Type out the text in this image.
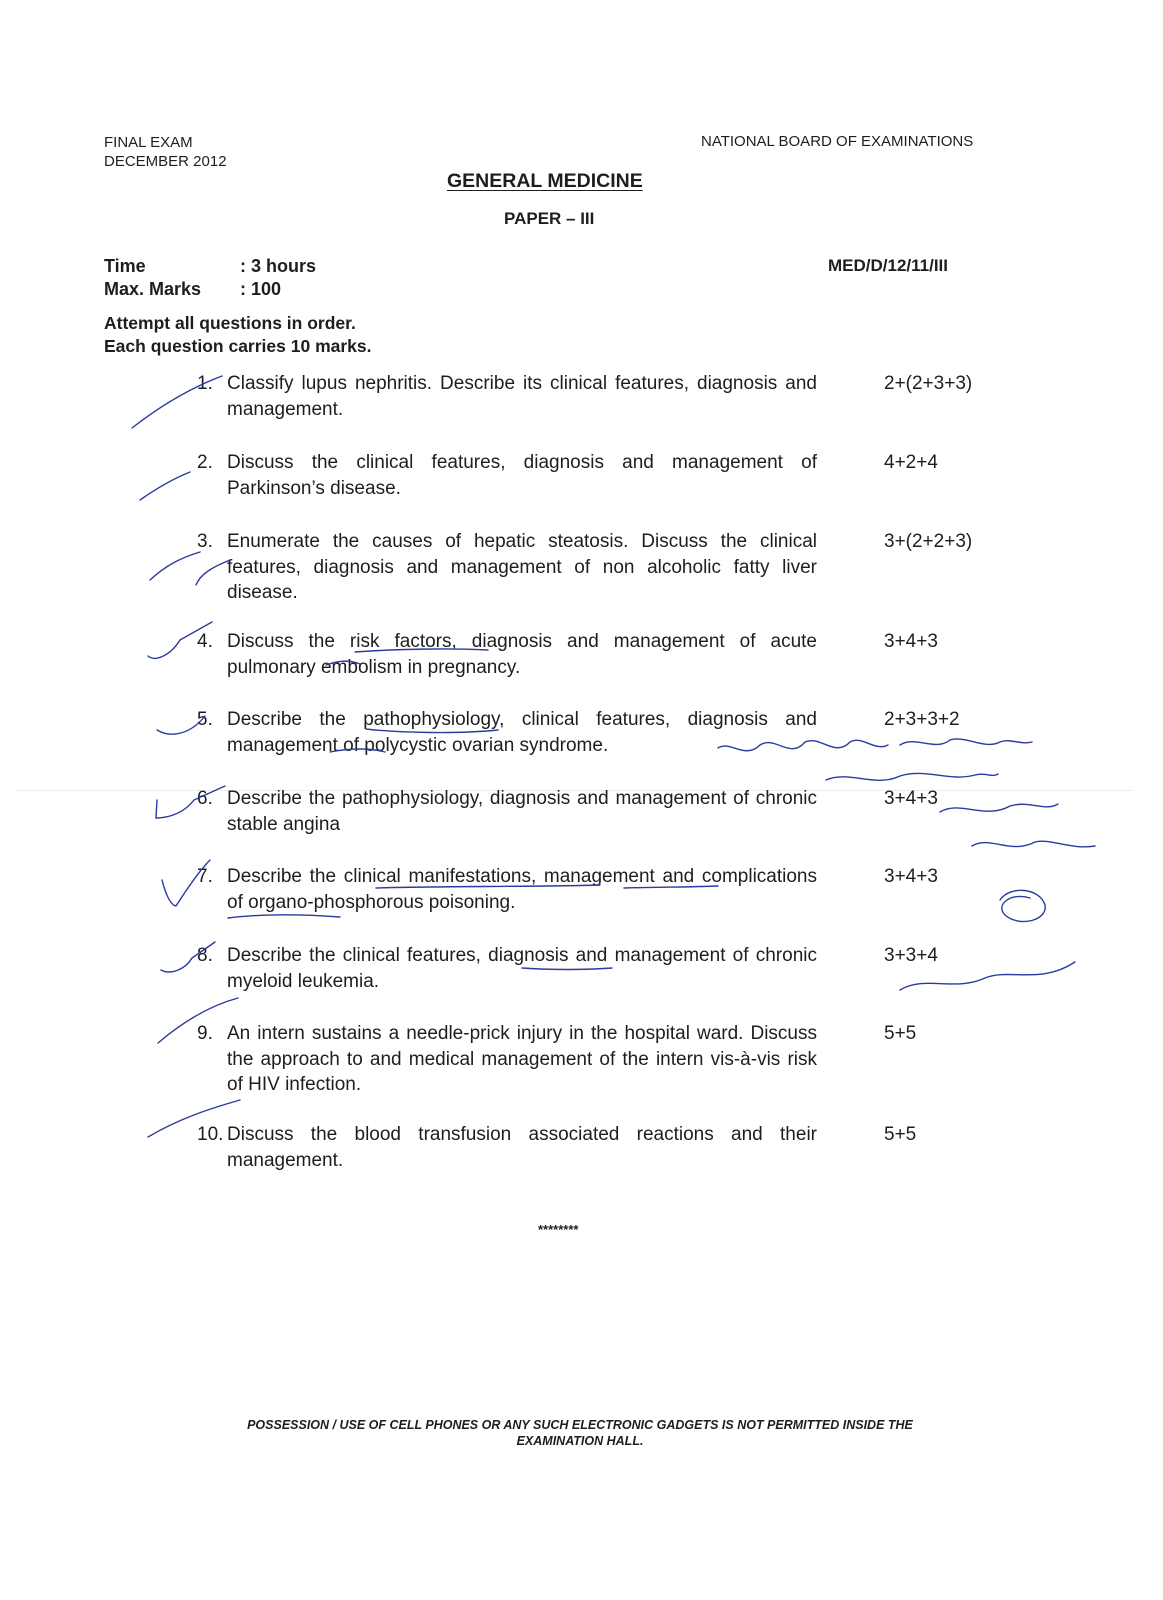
FINAL EXAM
DECEMBER 2012
NATIONAL BOARD OF EXAMINATIONS
GENERAL MEDICINE
PAPER – III
Time	: 3 hours
Max. Marks	: 100
MED/D/12/11/III
Attempt all questions in order.
Each question carries 10 marks.
1. Classify lupus nephritis. Describe its clinical features, diagnosis and management.
2+(2+3+3)
2. Discuss the clinical features, diagnosis and management of Parkinson’s disease.
4+2+4
3. Enumerate the causes of hepatic steatosis. Discuss the clinical features, diagnosis and management of non alcoholic fatty liver disease.
3+(2+2+3)
4. Discuss the risk factors, diagnosis and management of acute pulmonary embolism in pregnancy.
3+4+3
5. Describe the pathophysiology, clinical features, diagnosis and management of polycystic ovarian syndrome.
2+3+3+2
6. Describe the pathophysiology, diagnosis and management of chronic stable angina
3+4+3
7. Describe the clinical manifestations, management and complications of organo-phosphorous poisoning.
3+4+3
8. Describe the clinical features, diagnosis and management of chronic myeloid leukemia.
3+3+4
9. An intern sustains a needle-prick injury in the hospital ward. Discuss the approach to and medical management of the intern vis-à-vis risk of HIV infection.
5+5
10. Discuss the blood transfusion associated reactions and their management.
5+5
********
POSSESSION / USE OF CELL PHONES OR ANY SUCH ELECTRONIC GADGETS IS NOT PERMITTED INSIDE THE
EXAMINATION HALL.
